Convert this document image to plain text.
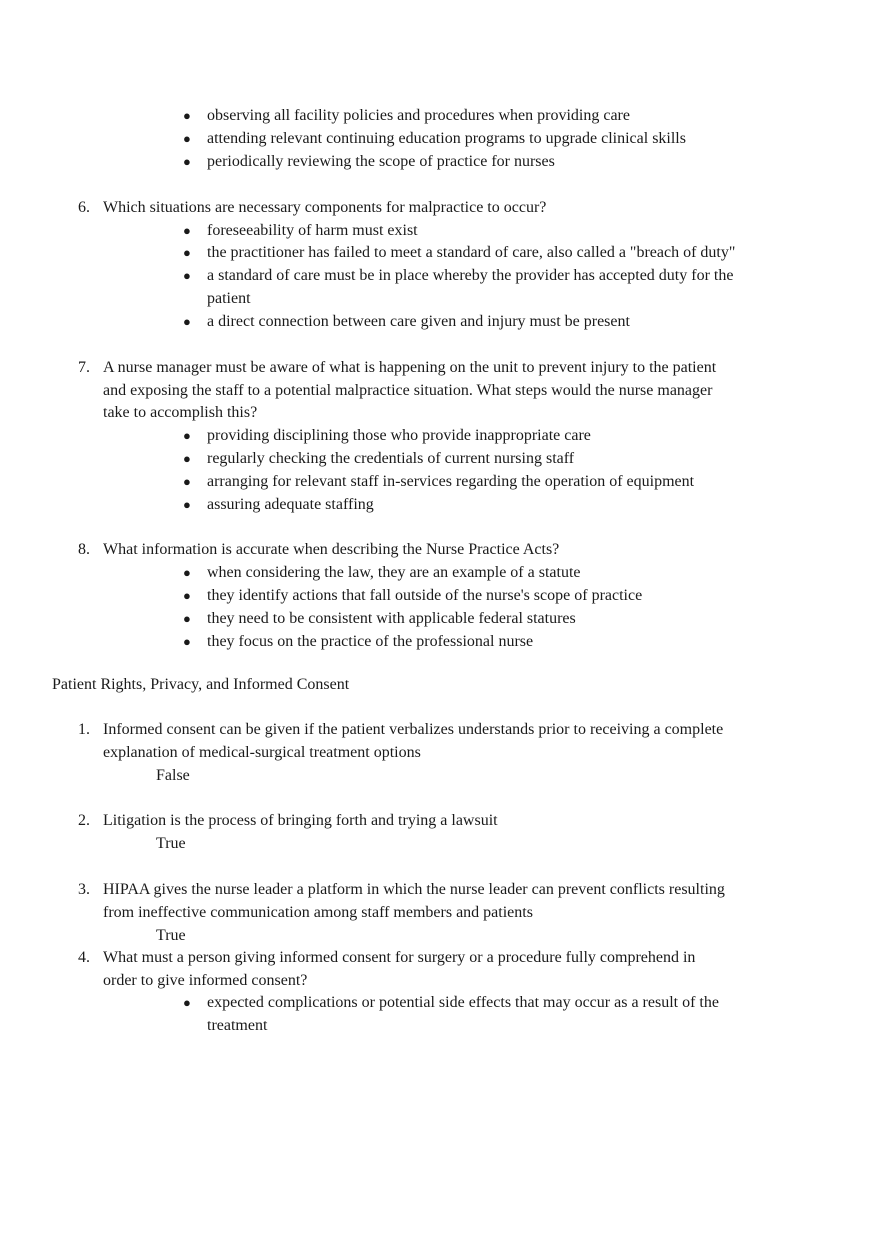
● observing all facility policies and procedures when providing care
● attending relevant continuing education programs to upgrade clinical skills
● periodically reviewing the scope of practice for nurses
6. Which situations are necessary components for malpractice to occur?
● foreseeability of harm must exist
● the practitioner has failed to meet a standard of care, also called a "breach of duty"
● a standard of care must be in place whereby the provider has accepted duty for the
patient
● a direct connection between care given and injury must be present
7. A nurse manager must be aware of what is happening on the unit to prevent injury to the patient
and exposing the staff to a potential malpractice situation. What steps would the nurse manager
take to accomplish this?
● providing disciplining those who provide inappropriate care
● regularly checking the credentials of current nursing staff
● arranging for relevant staff in-services regarding the operation of equipment
● assuring adequate staffing
8. What information is accurate when describing the Nurse Practice Acts?
● when considering the law, they are an example of a statute
● they identify actions that fall outside of the nurse's scope of practice
● they need to be consistent with applicable federal statures
● they focus on the practice of the professional nurse
Patient Rights, Privacy, and Informed Consent
1. Informed consent can be given if the patient verbalizes understands prior to receiving a complete
explanation of medical-surgical treatment options
False
2. Litigation is the process of bringing forth and trying a lawsuit
True
3. HIPAA gives the nurse leader a platform in which the nurse leader can prevent conflicts resulting
from ineffective communication among staff members and patients
True
4. What must a person giving informed consent for surgery or a procedure fully comprehend in
order to give informed consent?
● expected complications or potential side effects that may occur as a result of the
treatment
